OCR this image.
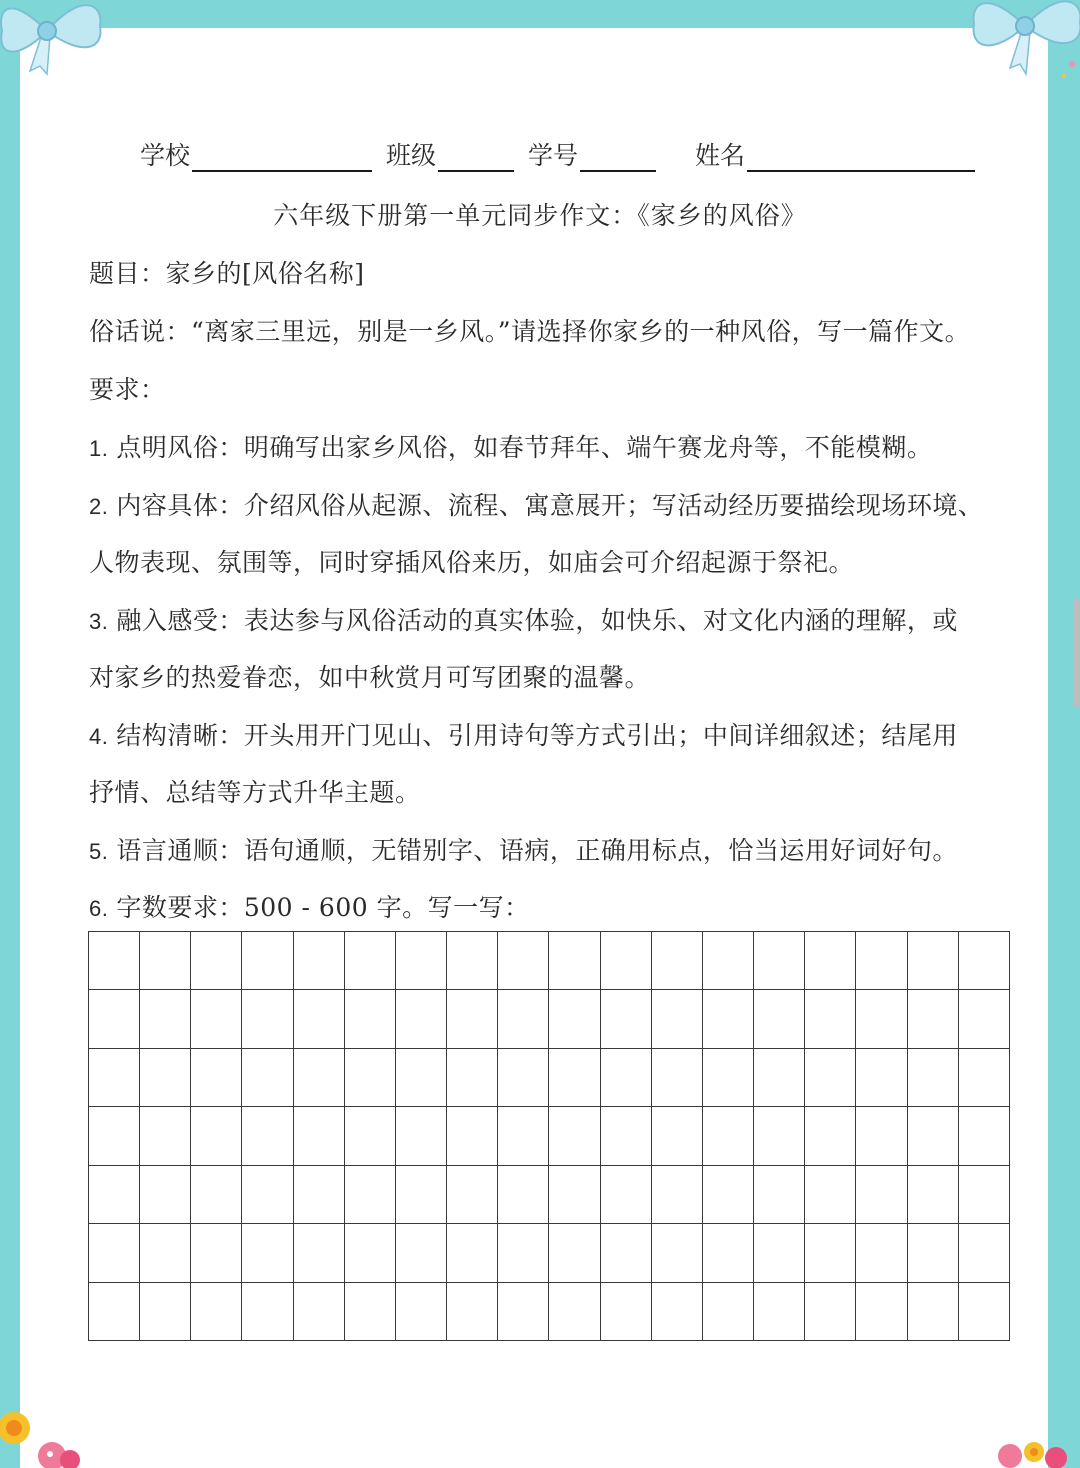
学校	班级	学号	姓名
六年级下册第一单元同步作文：《家乡的风俗》
题目：家乡的[风俗名称]
俗话说：“离家三里远，别是一乡风。”请选择你家乡的一种风俗，写一篇作文。
要求：
1. 点明风俗：明确写出家乡风俗，如春节拜年、端午赛龙舟等，不能模糊。
2. 内容具体：介绍风俗从起源、流程、寓意展开；写活动经历要描绘现场环境、
人物表现、氛围等，同时穿插风俗来历，如庙会可介绍起源于祭祀。
3. 融入感受：表达参与风俗活动的真实体验，如快乐、对文化内涵的理解，或
对家乡的热爱眷恋，如中秋赏月可写团聚的温馨。
4. 结构清晰：开头用开门见山、引用诗句等方式引出；中间详细叙述；结尾用
抒情、总结等方式升华主题。
5. 语言通顺：语句通顺，无错别字、语病，正确用标点，恰当运用好词好句。
6. 字数要求：500 - 600 字。写一写：
